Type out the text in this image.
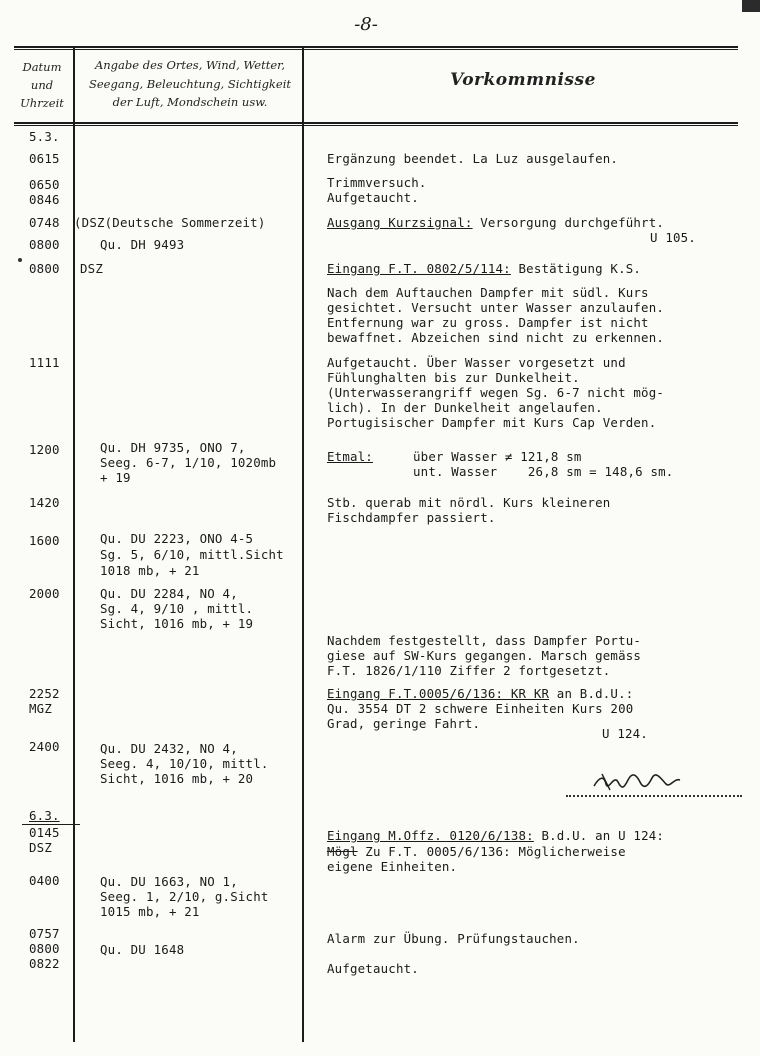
-8-
Datum
und
Uhrzeit
Angabe des Ortes, Wind, Wetter,
Seegang, Beleuchtung, Sichtigkeit
der Luft, Mondschein usw.
Vorkommnisse
5.3.
0615
0650
0846
0748
0800
0800
1111
1200
1420
1600
2000
2252
MGZ
2400
6.3.
0145
DSZ
0400
0757
0800
0822
(DSZ(Deutsche Sommerzeit)
Qu. DH 9493
DSZ
Qu. DH 9735, ONO 7,
Seeg. 6-7, 1/10, 1020mb
+ 19
Qu. DU 2223, ONO 4-5
Sg. 5, 6/10, mittl.Sicht
1018 mb, + 21
Qu. DU 2284, NO 4,
Sg. 4, 9/10 , mittl.
Sicht, 1016 mb, + 19
Qu. DU 2432, NO 4,
Seeg. 4, 10/10, mittl.
Sicht, 1016 mb, + 20
Qu. DU 1663, NO 1,
Seeg. 1, 2/10, g.Sicht
1015 mb, + 21
Qu. DU 1648
Ergänzung beendet. La Luz ausgelaufen.
Trimmversuch.
Aufgetaucht.
Ausgang Kurzsignal: Versorgung durchgeführt.
U 105.
Eingang F.T. 0802/5/114: Bestätigung K.S.
Nach dem Auftauchen Dampfer mit südl. Kurs
gesichtet. Versucht unter Wasser anzulaufen.
Entfernung war zu gross. Dampfer ist nicht
bewaffnet. Abzeichen sind nicht zu erkennen.
Aufgetaucht. Über Wasser vorgesetzt und
Fühlunghalten bis zur Dunkelheit.
(Unterwasserangriff wegen Sg. 6-7 nicht mög-
lich). In der Dunkelheit angelaufen.
Portugisischer Dampfer mit Kurs Cap Verden.
Etmal:	über Wasser ≠ 121,8 sm
unt. Wasser    26,8 sm = 148,6 sm.
Stb. querab mit nördl. Kurs kleineren
Fischdampfer passiert.
Nachdem festgestellt, dass Dampfer Portu-
giese auf SW-Kurs gegangen. Marsch gemäss
F.T. 1826/1/110 Ziffer 2 fortgesetzt.
Eingang F.T.0005/6/136: KR KR an B.d.U.:
Qu. 3554 DT 2 schwere Einheiten Kurs 200
Grad, geringe Fahrt.
U 124.
Eingang M.Offz. 0120/6/138: B.d.U. an U 124:
Mögl Zu F.T. 0005/6/136: Möglicherweise
eigene Einheiten.
Alarm zur Übung. Prüfungstauchen.
Aufgetaucht.
